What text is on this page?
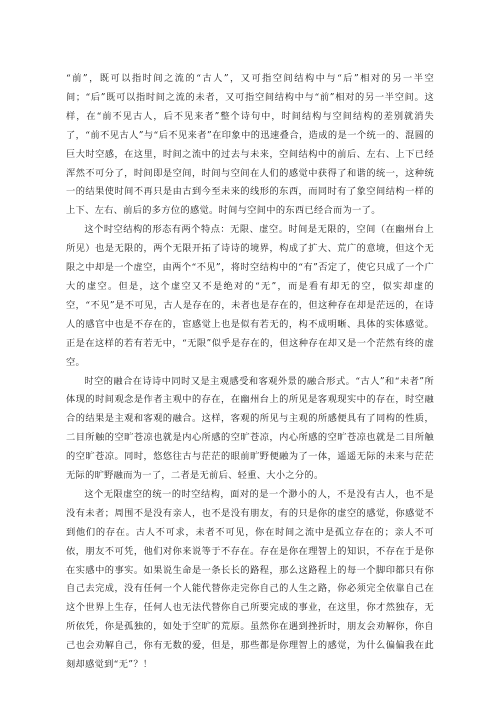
“前”，既可以指时间之流的“古人”，又可指空间结构中与“后”相对的另一半空间；“后”既可以指时间之流的未者，又可指空间结构中与“前”相对的另一半空间。这样，在“前不见古人，后不见来者”整个诗句中，时间结构与空间结构的差别就消失了，“前不见古人”与“后不见来者”在印象中的迅速叠合，造成的是一个统一的、混圆的巨大时空感，在这里，时间之流中的过去与未来，空间结构中的前后、左右、上下已经浑然不可分了，时间即是空间，时间与空间在人们的感觉中获得了和谐的统一，这种统一的结果使时间不再只是由古到今至未来的线形的东西，而同时有了象空间结构一样的上下、左右、前后的多方位的感觉。时间与空间中的东西已经合而为一了。

这个时空结构的形态有两个特点：无限、虚空。时间是无限的，空间（在幽州台上所见）也是无限的，两个无限开拓了诗诗的境界，构成了扩大、荒广的意境，但这个无限之中却是一个虚空，由两个“不见”，将时空结构中的“有”否定了，使它只成了一个广大的虚空。但是，这个虚空又不是绝对的“无”，而是看有却无的空，似实却虚的空，“不见”是不可见，古人是存在的，未者也是存在的，但这种存在却是茫远的，在诗人的感官中也是不存在的，宦感觉上也是似有若无的，构不成明晰、具体的实体感觉。正是在这样的若有若无中，“无限”似乎是存在的，但这种存在却又是一个茫然有终的虚空。

时空的融合在诗诗中同时又是主观感受和客观外景的融合形式。“古人”和“未者”所体现的时间观念是作者主观中的存在，在幽州台上的所见是客观现实中的存在，时空融合的结果是主观和客观的融合。这样，客观的所见与主观的所感便具有了同构的性质，二目所触的空旷苍凉也就是内心所感的空旷苍凉，内心所感的空旷苍凉也就是二目所触的空旷苍凉。同时，悠悠往古与茫茫的眼前旷野便融为了一体，遥遥无际的未来与茫茫无际的旷野融而为一了，二者是无前后、轻重、大小之分的。

这个无限虚空的统一的时空结构，面对的是一个渺小的人，不是没有古人，也不是没有未者；周围不是没有亲人，也不是没有朋友，有的只是你的虚空的感觉，你感觉不到他们的存在。古人不可求，未者不可见，你在时间之流中是孤立存在的；亲人不可依，朋友不可凭，他们对你来说等于不存在。存在是你在理智上的知识，不存在于是你在实感中的事实。如果说生命是一条长长的路程，那么这路程上的每一个脚印都只有你自己去完成，没有任何一个人能代替你走完你自己的人生之路，你必须完全依靠自己在这个世界上生存，任何人也无法代替你自己所要完成的事业，在这里，你才然独存，无所依凭，你是孤独的，如处于空旷的荒原。虽然你在遇到挫折时，朋友会劝解你，你自己也会劝解自己，你有无数的爱，但是，那些都是你理智上的感觉，为什么偏偏我在此刻却感觉到“无”？！
